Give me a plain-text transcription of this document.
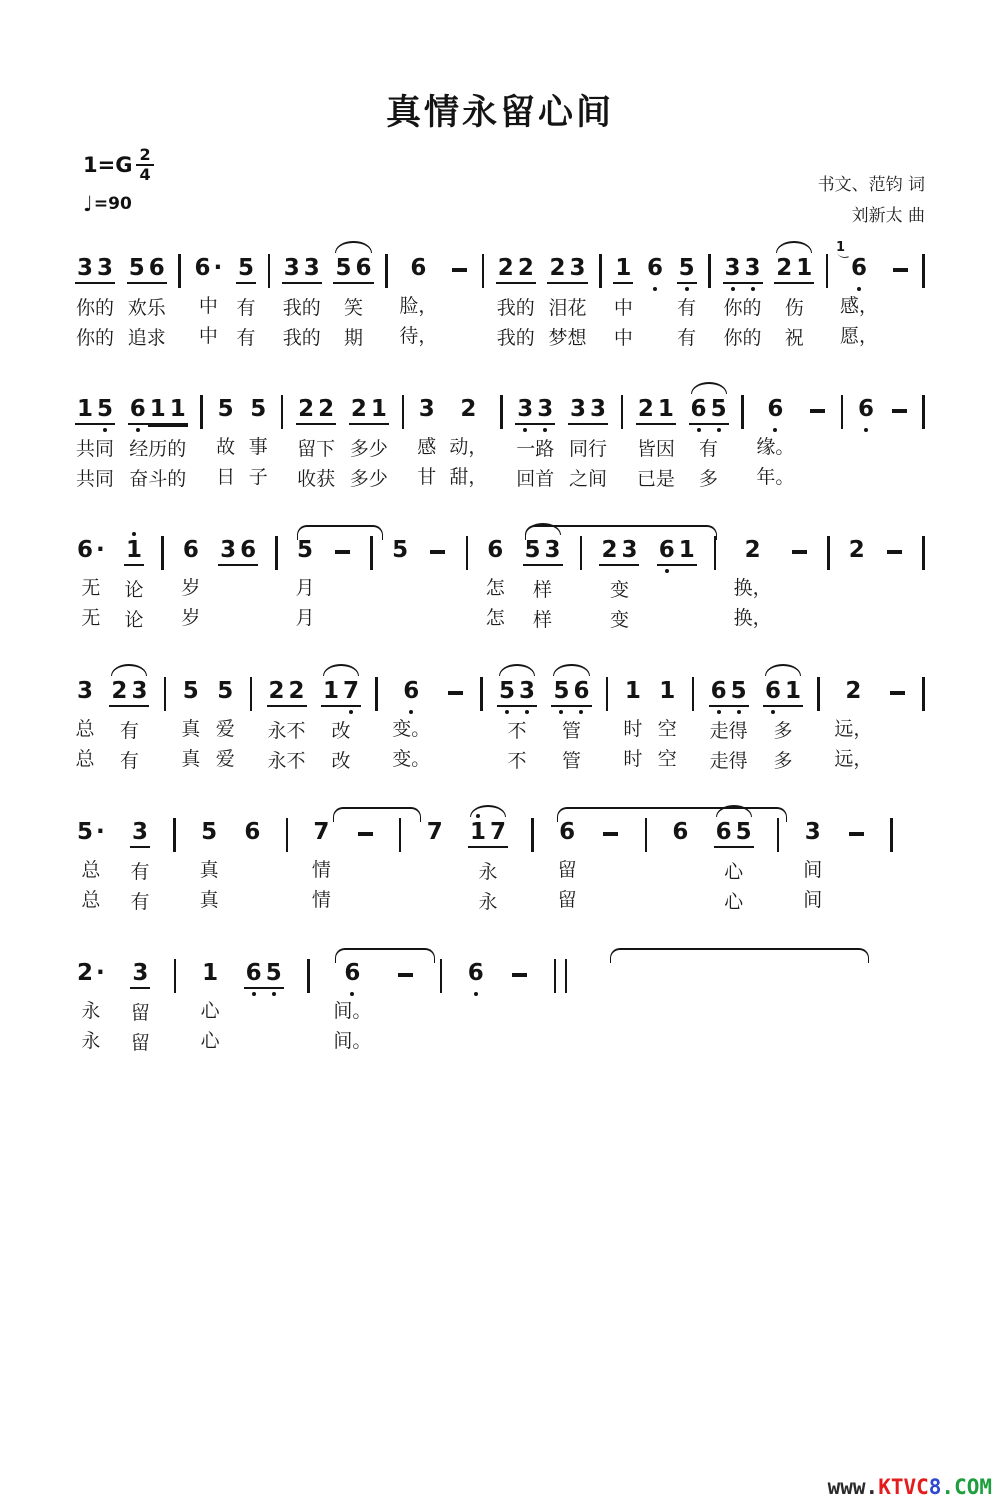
真情永留心间
$1=G \frac{2}{4}$
♩ =90
书文、范钧 词
刘新太 曲
3 3
你的
你的
5 6
欢乐
追求
6 ·
中
中
5
有
有
3 3
我的
我的
5 6
笑
期
6
脸，
待，
2 2
我的
我的
2 3
泪花
梦想
1
中
中
6 5
有
有
3 3
你的
你的
2 1
伤
祝
6
1
感，
愿，
1 5
共同
共同
6 1 1
经历的
奋斗的
5
故
日
5
事
子
2 2
留下
收获
2 1
多少
多少
3
感
甘
2
动，
甜，
3 3
一路
回首
3 3
同行
之间
2 1
皆因
已是
6 5
有
多
6
缘。
年。
6
6 ·
无
无
1
论
论
6
岁
岁
3 6 5
月
月
5	6
怎
怎
5 3
样
样
2 3
变
变
6 1 2
换，
换，
2
3
总
总
2 3
有
有
5
真
真
5
爱
爱
2 2
永不
永不
1 7
改
改
6
变。
变。
5 3
不
不
5 6
管
管
1
时
时
1
空
空
6 5
走得
走得
6 1
多
多
2
远，
远，
5 ·
总
总
3
有
有
5
真
真
6 7
情
情
7 1 7
永
永
6
留
留
6 6 5
心
心
3
间
间
2 ·
永
永
3
留
留
1
心
心
6 5	6
间。
间。
6
www.KTVC8.COM
